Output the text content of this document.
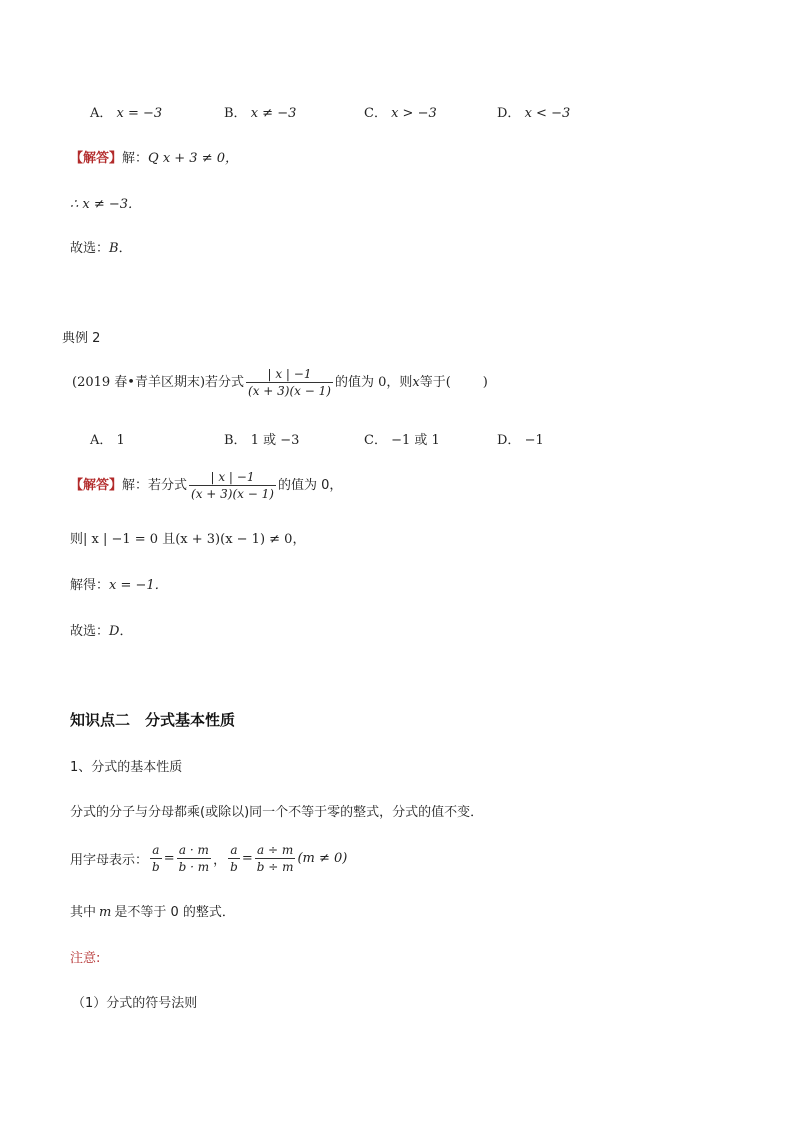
A． x = −3	B． x ≠ −3	C． x > −3	D． x < −3
【解答】解：Q x + 3 ≠ 0，
∴ x ≠ −3．
故选：B．
典例 2
(2019 春•青羊区期末)若分式 $\frac{| x | -1}{(x + 3)(x - 1)}$ 的值为 0，则x等于( )
A． 1	B． 1 或 −3	C． −1 或 1	D． −1
【解答】解：若分式 $\frac{| x | -1}{(x + 3)(x - 1)}$ 的值为 0，
则| x | −1 = 0 且(x + 3)(x − 1) ≠ 0，
解得：x = −1．
故选：D．
知识点二　分式基本性质
1、分式的基本性质
分式的分子与分母都乘(或除以)同一个不等于零的整式，分式的值不变．
用字母表示： $\frac{a}{b} = \frac{a \cdot m}{b \cdot m}$ ， $\frac{a}{b} = \frac{a \div m}{b \div m} (m \ne 0)$
其中 m 是不等于 0 的整式．
注意:
（1）分式的符号法则
